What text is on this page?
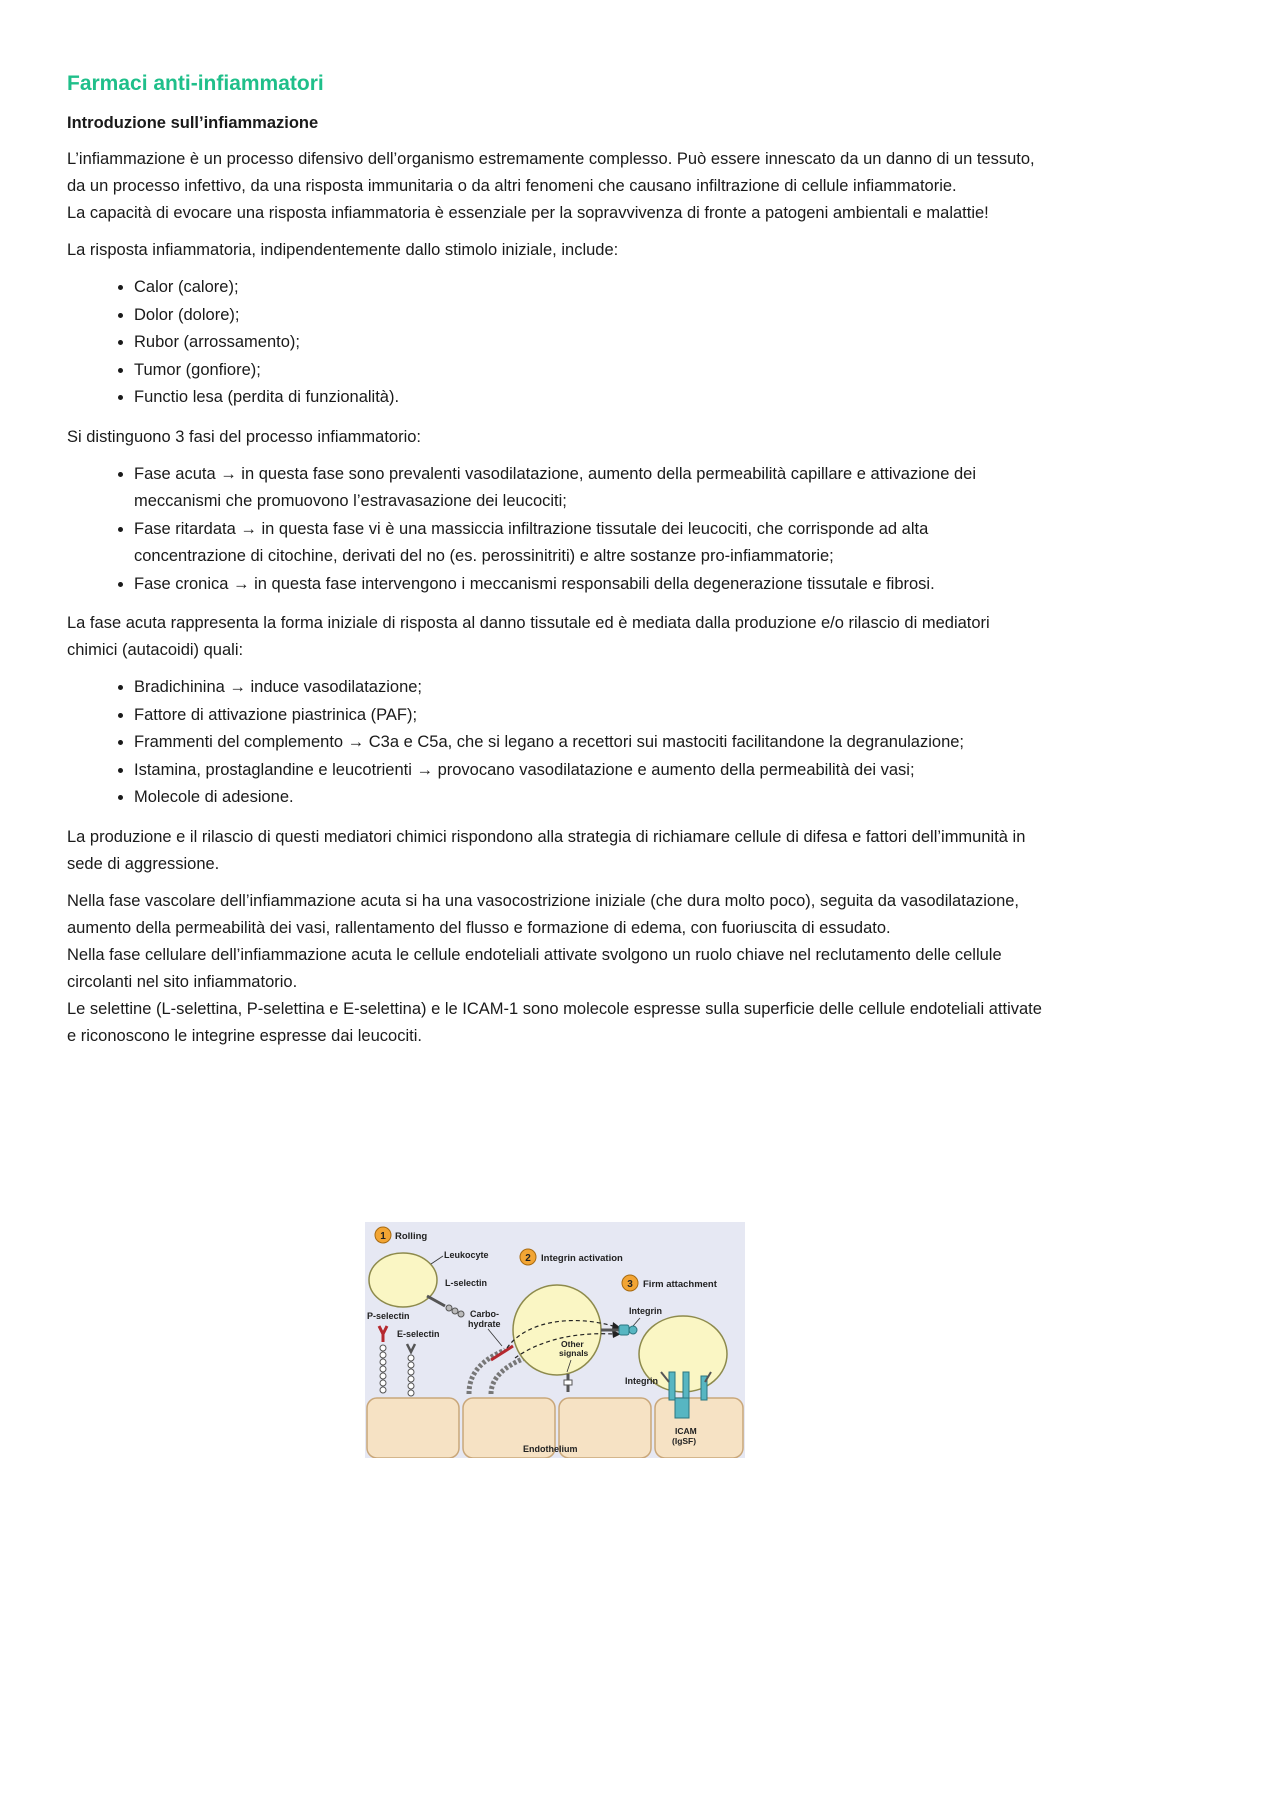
Farmaci anti-infiammatori
Introduzione sull’infiammazione

L’infiammazione è un processo difensivo dell’organismo estremamente complesso. Può essere innescato da un danno di un tessuto, da un processo infettivo, da una risposta immunitaria o da altri fenomeni che causano infiltrazione di cellule infiammatorie.

La capacità di evocare una risposta infiammatoria è essenziale per la sopravvivenza di fronte a patogeni ambientali e malattie!

La risposta infiammatoria, indipendentemente dallo stimolo iniziale, include:

• Calor (calore);
• Dolor (dolore);
• Rubor (arrossamento);
• Tumor (gonfiore);
• Functio lesa (perdita di funzionalità).

Si distinguono 3 fasi del processo infiammatorio:

• Fase acuta → in questa fase sono prevalenti vasodilatazione, aumento della permeabilità capillare e attivazione dei meccanismi che promuovono l’estravasazione dei leucociti;
• Fase ritardata → in questa fase vi è una massiccia infiltrazione tissutale dei leucociti, che corrisponde ad alta concentrazione di citochine, derivati del no (es. perossinitriti) e altre sostanze pro-infiammatorie;
• Fase cronica → in questa fase intervengono i meccanismi responsabili della degenerazione tissutale e fibrosi.

La fase acuta rappresenta la forma iniziale di risposta al danno tissutale ed è mediata dalla produzione e/o rilascio di mediatori chimici (autacoidi) quali:

• Bradichinina → induce vasodilatazione;
• Fattore di attivazione piastrinica (PAF);
• Frammenti del complemento → C3a e C5a, che si legano a recettori sui mastociti facilitandone la degranulazione;
• Istamina, prostaglandine e leucotrienti → provocano vasodilatazione e aumento della permeabilità dei vasi;
• Molecole di adesione.

La produzione e il rilascio di questi mediatori chimici rispondono alla strategia di richiamare cellule di difesa e fattori dell’immunità in sede di aggressione.

Nella fase vascolare dell’infiammazione acuta si ha una vasocostrizione iniziale (che dura molto poco), seguita da vasodilatazione, aumento della permeabilità dei vasi, rallentamento del flusso e formazione di edema, con fuoriuscita di essudato.

Nella fase cellulare dell’infiammazione acuta le cellule endoteliali attivate svolgono un ruolo chiave nel reclutamento delle cellule circolanti nel sito infiammatorio.

Le selettine (L-selettina, P-selettina e E-selettina) e le ICAM-1 sono molecole espresse sulla superficie delle cellule endoteliali attivate e riconoscono le integrine espresse dai leucociti.

1 Rolling
2 Integrin activation
3 Firm attachment
Leukocyte
L-selectin
P-selectin
E-selectin
Carbo-
hydrate
Other
signals
Integrin
Integrin
ICAM
(IgSF)
Endothelium
